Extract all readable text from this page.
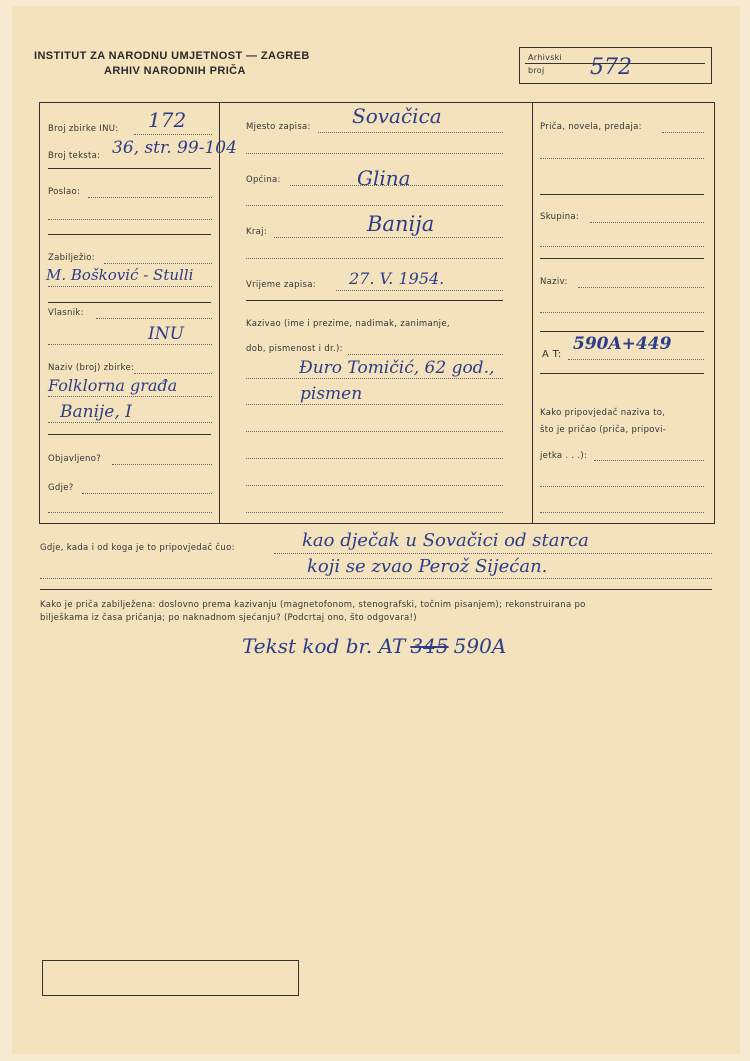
INSTITUT ZA NARODNU UMJETNOST — ZAGREB
ARHIV NARODNIH PRIČA
Arhivski
broj 572
Broj zbirke INU: 172
Broj teksta: 36, str. 99-104
Poslao:
Zabilježio:
M. Bošković - Stulli
Vlasnik:
INU
Naziv (broj) zbirke:
Folklorna građa
Banije, I
Objavljeno?
Gdje?
Mjesto zapisa: Sovačica
Općina:	Glina
Kraj:	Banija
Vrijeme zapisa: 27. V. 1954.
Kazivao (ime i prezime, nadimak, zanimanje,
dob, pismenost i dr.):
Đuro Tomičić, 62 god.,
pismen
Priča, novela, predaja:
Skupina:
Naziv:
A T:
590A+449
Kako pripovjedač naziva to,
što je pričao (priča, pripovi-
jetka . . .):
Gdje, kada i od koga je to pripovjedač čuo:	kao dječak u Sovačici od starca
koji se zvao Perož Sijećan.
Kako je priča zabilježena: doslovno prema kazivanju (magnetofonom, stenografski, točnim pisanjem); rekonstruirana po
bilješkama iz časa pričanja; po naknadnom sjećanju? (Podcrtaj ono, što odgovara!)
Tekst kod br. AT 345 590A
